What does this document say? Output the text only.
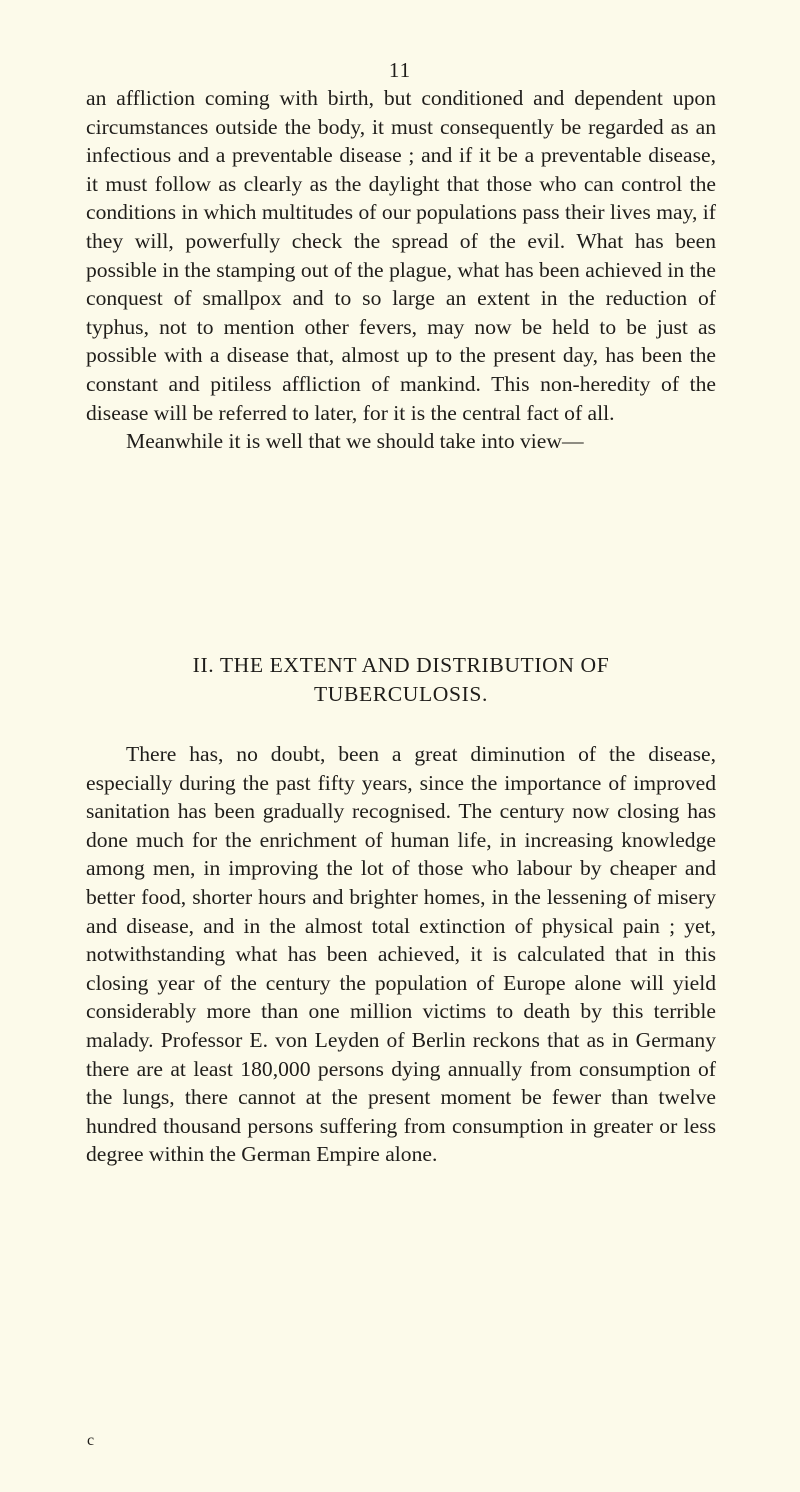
11

an affliction coming with birth, but conditioned and dependent upon circumstances outside the body, it must consequently be regarded as an infectious and a preventable disease ; and if it be a preventable disease, it must follow as clearly as the daylight that those who can control the conditions in which multitudes of our populations pass their lives may, if they will, powerfully check the spread of the evil. What has been possible in the stamping out of the plague, what has been achieved in the conquest of smallpox and to so large an extent in the reduction of typhus, not to mention other fevers, may now be held to be just as possible with a disease that, almost up to the present day, has been the constant and pitiless affliction of mankind. This non-heredity of the disease will be referred to later, for it is the central fact of all.

Meanwhile it is well that we should take into view—

II. THE EXTENT AND DISTRIBUTION OF
TUBERCULOSIS.

There has, no doubt, been a great diminution of the disease, especially during the past fifty years, since the importance of improved sanitation has been gradually recognised. The century now closing has done much for the enrichment of human life, in increasing knowledge among men, in improving the lot of those who labour by cheaper and better food, shorter hours and brighter homes, in the lessening of misery and disease, and in the almost total extinction of physical pain ; yet, notwithstanding what has been achieved, it is calculated that in this closing year of the century the population of Europe alone will yield considerably more than one million victims to death by this terrible malady. Professor E. von Leyden of Berlin reckons that as in Germany there are at least 180,000 persons dying annually from consumption of the lungs, there cannot at the present moment be fewer than twelve hundred thousand persons suffering from consumption in greater or less degree within the German Empire alone.

c
